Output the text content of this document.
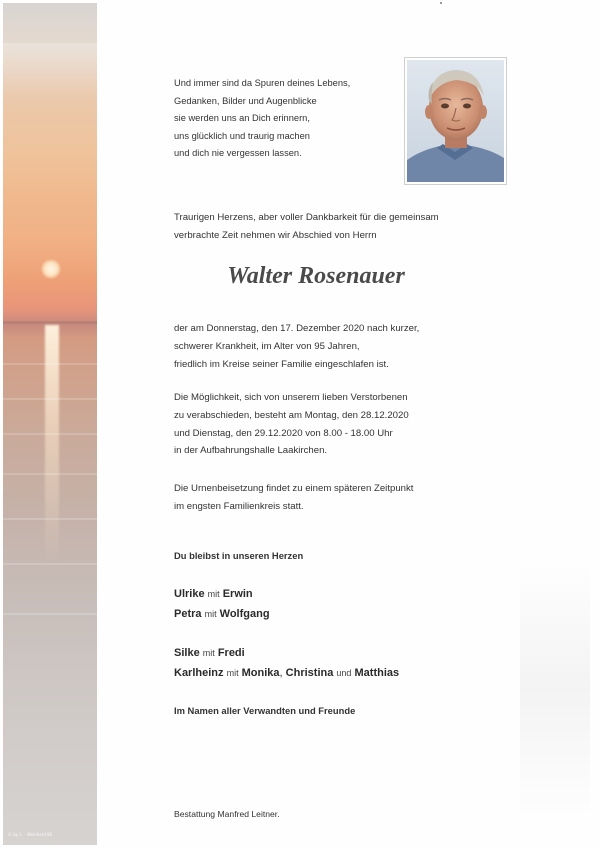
© by L. - Weinhard 80
Und immer sind da Spuren deines Lebens,
Gedanken, Bilder und Augenblicke
sie werden uns an Dich erinnern,
uns glücklich und traurig machen
und dich nie vergessen lassen.
Traurigen Herzens, aber voller Dankbarkeit für die gemeinsam
verbrachte Zeit nehmen wir Abschied von Herrn
Walter Rosenauer
der am Donnerstag, den 17. Dezember 2020 nach kurzer,
schwerer Krankheit, im Alter von 95 Jahren,
friedlich im Kreise seiner Familie eingeschlafen ist.
Die Möglichkeit, sich von unserem lieben Verstorbenen
zu verabschieden, besteht am Montag, den 28.12.2020
und Dienstag, den 29.12.2020 von 8.00 - 18.00 Uhr
in der Aufbahrungshalle Laakirchen.
Die Urnenbeisetzung findet zu einem späteren Zeitpunkt
im engsten Familienkreis statt.
Du bleibst in unseren Herzen
Ulrike mit Erwin
Petra mit Wolfgang
Silke mit Fredi
Karlheinz mit Monika, Christina und Matthias
Im Namen aller Verwandten und Freunde
Bestattung Manfred Leitner.
